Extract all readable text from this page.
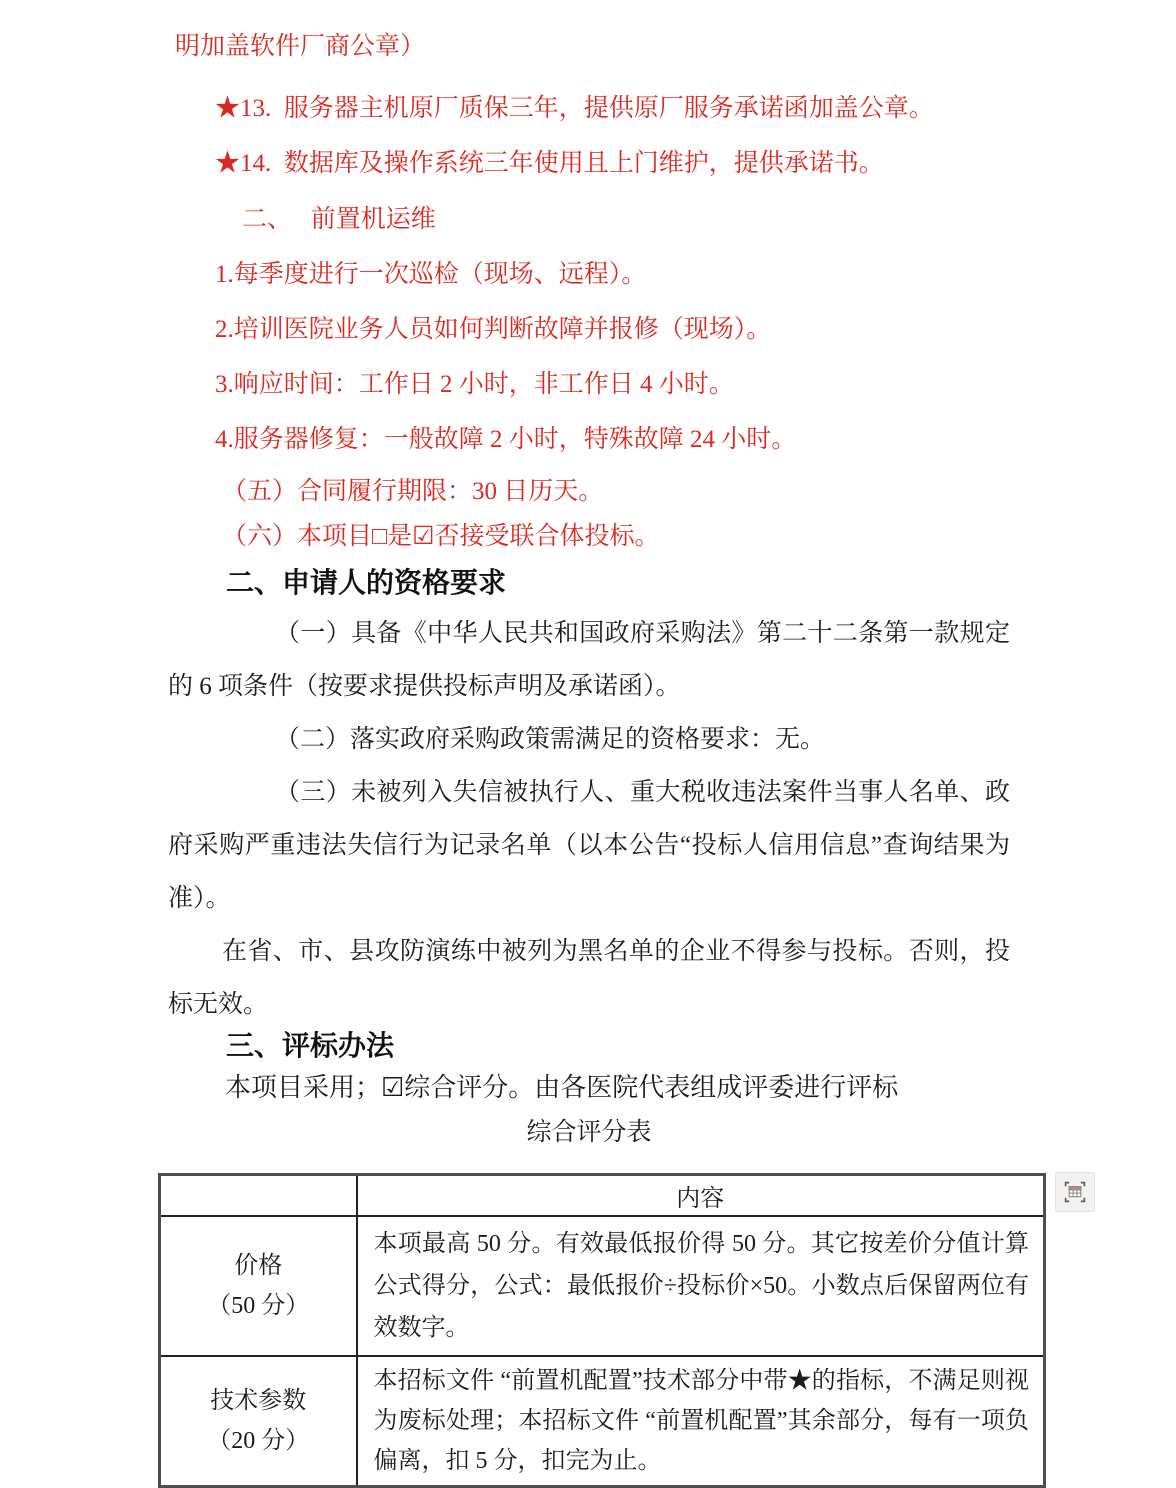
明加盖软件厂商公章）

★13.  服务器主机原厂质保三年，提供原厂服务承诺函加盖公章。

★14.  数据库及操作系统三年使用且上门维护，提供承诺书。

二、　 前置机运维

1.每季度进行一次巡检（现场、远程）。

2.培训医院业务人员如何判断故障并报修（现场）。

3.响应时间：工作日 2 小时，非工作日 4 小时。

4.服务器修复：一般故障 2 小时，特殊故障 24 小时。

（五）合同履行期限：30 日历天。

（六）本项目□是☑否接受联合体投标。

二、申请人的资格要求

（一）具备《中华人民共和国政府采购法》第二十二条第一款规定的 6 项条件（按要求提供投标声明及承诺函）。

（二）落实政府采购政策需满足的资格要求：无。

（三）未被列入失信被执行人、重大税收违法案件当事人名单、政府采购严重违法失信行为记录名单（以本公告“投标人信用信息”查询结果为准）。

在省、市、县攻防演练中被列为黑名单的企业不得参与投标。否则，投标无效。

三、评标办法

本项目采用；☑综合评分。由各医院代表组成评委进行评标

综合评分表

	内容

价格
（50 分）	本项最高 50 分。有效最低报价得 50 分。其它按差价分值计算公式得分，公式：最低报价÷投标价×50。小数点后保留两位有效数字。

技术参数
（20 分）	本招标文件 “前置机配置”技术部分中带★的指标，不满足则视为废标处理；本招标文件 “前置机配置”其余部分，每有一项负偏离，扣 5 分，扣完为止。
